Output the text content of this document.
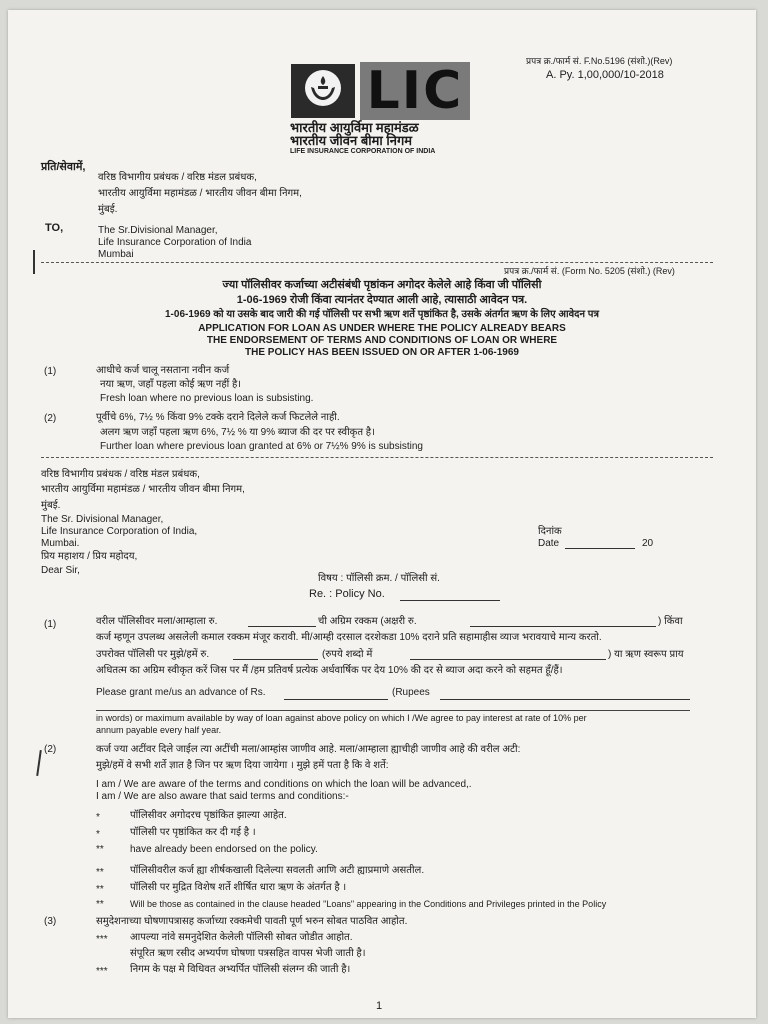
प्रपत्र क्र./फार्म सं. F.No.5196 (संशो.)(Rev)
A. Py. 1,00,000/10-2018
LIC
भारतीय आयुर्विमा महामंडळ
भारतीय जीवन बीमा निगम
LIFE INSURANCE CORPORATION OF INDIA
प्रति/सेवामें,
वरिष्ठ विभागीय प्रबंधक / वरिष्ठ मंडल प्रबंधक,
भारतीय आयुर्विमा महामंडळ / भारतीय जीवन बीमा निगम,
मुंबई.
TO,	The Sr.Divisional Manager,
Life Insurance Corporation of India
Mumbai
प्रपत्र क्र./फार्म सं. (Form No. 5205 (संशो.) (Rev)
ज्या पॉलिसीवर कर्जाच्या अटीसंबंधी पृष्ठांकन अगोदर केलेले आहे किंवा जी पॉलिसी
1-06-1969 रोजी किंवा त्यानंतर देण्यात आली आहे, त्यासाठी आवेदन पत्र.
1-06-1969 को या उसके बाद जारी की गई पॉलिसी पर सभी ऋण शर्ते पृष्ठांकित है, उसके अंतर्गत ऋण के लिए आवेदन पत्र
APPLICATION FOR LOAN AS UNDER WHERE THE POLICY ALREADY BEARS
THE ENDORSEMENT OF TERMS AND CONDITIONS OF LOAN OR WHERE
THE POLICY HAS BEEN ISSUED ON OR AFTER 1-06-1969
(1)	आधीचे कर्ज चालू नसताना नवीन कर्ज
नया ऋण, जहाँ पहला कोई ऋण नहीं है।
Fresh loan where no previous loan is subsisting.
(2)	पूर्वीचे 6%, 7½ % किंवा 9% टक्के दराने दिलेले कर्ज फिटलेले नाही.
अलग ऋण जहाँ पहला ऋण 6%, 7½ % या 9% ब्याज की दर पर स्वीकृत है।
Further loan where previous loan granted at 6% or 7½% 9% is subsisting
वरिष्ठ विभागीय प्रबंधक / वरिष्ठ मंडल प्रबंधक,
भारतीय आयुर्विमा महामंडळ / भारतीय जीवन बीमा निगम,
मुंबई.
The Sr. Divisional Manager,
Life Insurance Corporation of India,
Mumbai.
प्रिय महाशय / प्रिय महोदय,
Dear Sir,
दिनांक
Date	20
विषय : पॉलिसी क्रम. / पॉलिसी सं.
Re. : Policy No.
(1)	वरील पॉलिसीवर मला/आम्हाला रु.	ची अग्रिम रक्कम (अक्षरी रु.	) किंवा
कर्ज म्हणून उपलब्ध असलेली कमाल रक्कम मंजूर करावी. मी/आम्ही दरसाल दरशेकडा 10% दराने प्रति सहामाहीस व्याज भरावयाचे मान्य करतो.
उपरोक्त पॉलिसी पर मुझे/हमें रु.	(रुपये शब्दो में	) या ऋण स्वरूप प्राय
अधितत्म का अग्रिम स्वीकृत करें जिस पर मैं /हम प्रतिवर्ष प्रत्येक अर्धवार्षिक पर देय 10% की दर से ब्याज अदा करने को सहमत हूँ/हैं।
Please grant me/us an advance of Rs.	(Rupees
in words) or maximum available by way of loan against above policy on which I /We agree to pay interest at rate of 10% per
annum payable every half year.
(2)	कर्ज ज्या अटींवर दिले जाईल त्या अटींची मला/आम्हांस जाणीव आहे. मला/आम्हाला ह्याचीही जाणीव आहे की वरील अटी:
मुझे/हमें वे सभी शर्ते ज्ञात है जिन पर ऋण दिया जायेगा । मुझे हमें पता है कि वे शर्ते:
I am / We are aware of the terms and conditions on which the loan will be advanced,.
I am / We are also aware that said terms and conditions:-
*	पॉलिसीवर अगोदरच पृष्ठांकित झाल्या आहेत.
*	पॉलिसी पर पृष्ठांकित कर दी गई है ।
**	have already been endorsed on the policy.
**	पॉलिसीवरील कर्ज ह्या शीर्षकखाली दिलेल्या सवलती आणि अटी ह्याप्रमाणे असतील.
**	पॉलिसी पर मुद्रित विशेष शर्ते शीर्षित धारा ऋण के अंतर्गत है ।
**	Will be those as contained in the clause headed "Loans" appearing in the Conditions and Privileges printed in the Policy
(3)	समुदेशनाच्या घोषणापत्रासह कर्जाच्या रक्कमेची पावती पूर्ण भरुन सोबत पाठवित आहोत.
*** आपल्या नांवे समनुदेशित केलेली पॉलिसी सोबत जोडीत आहोत.
संपूरित ऋण रसीद अभ्यर्पण घोषणा पत्रसहित वापस भेजी जाती है।
*** निगम के पक्ष मे विधिवत अभ्यर्पित पॉलिसी संलग्न की जाती है।
1
